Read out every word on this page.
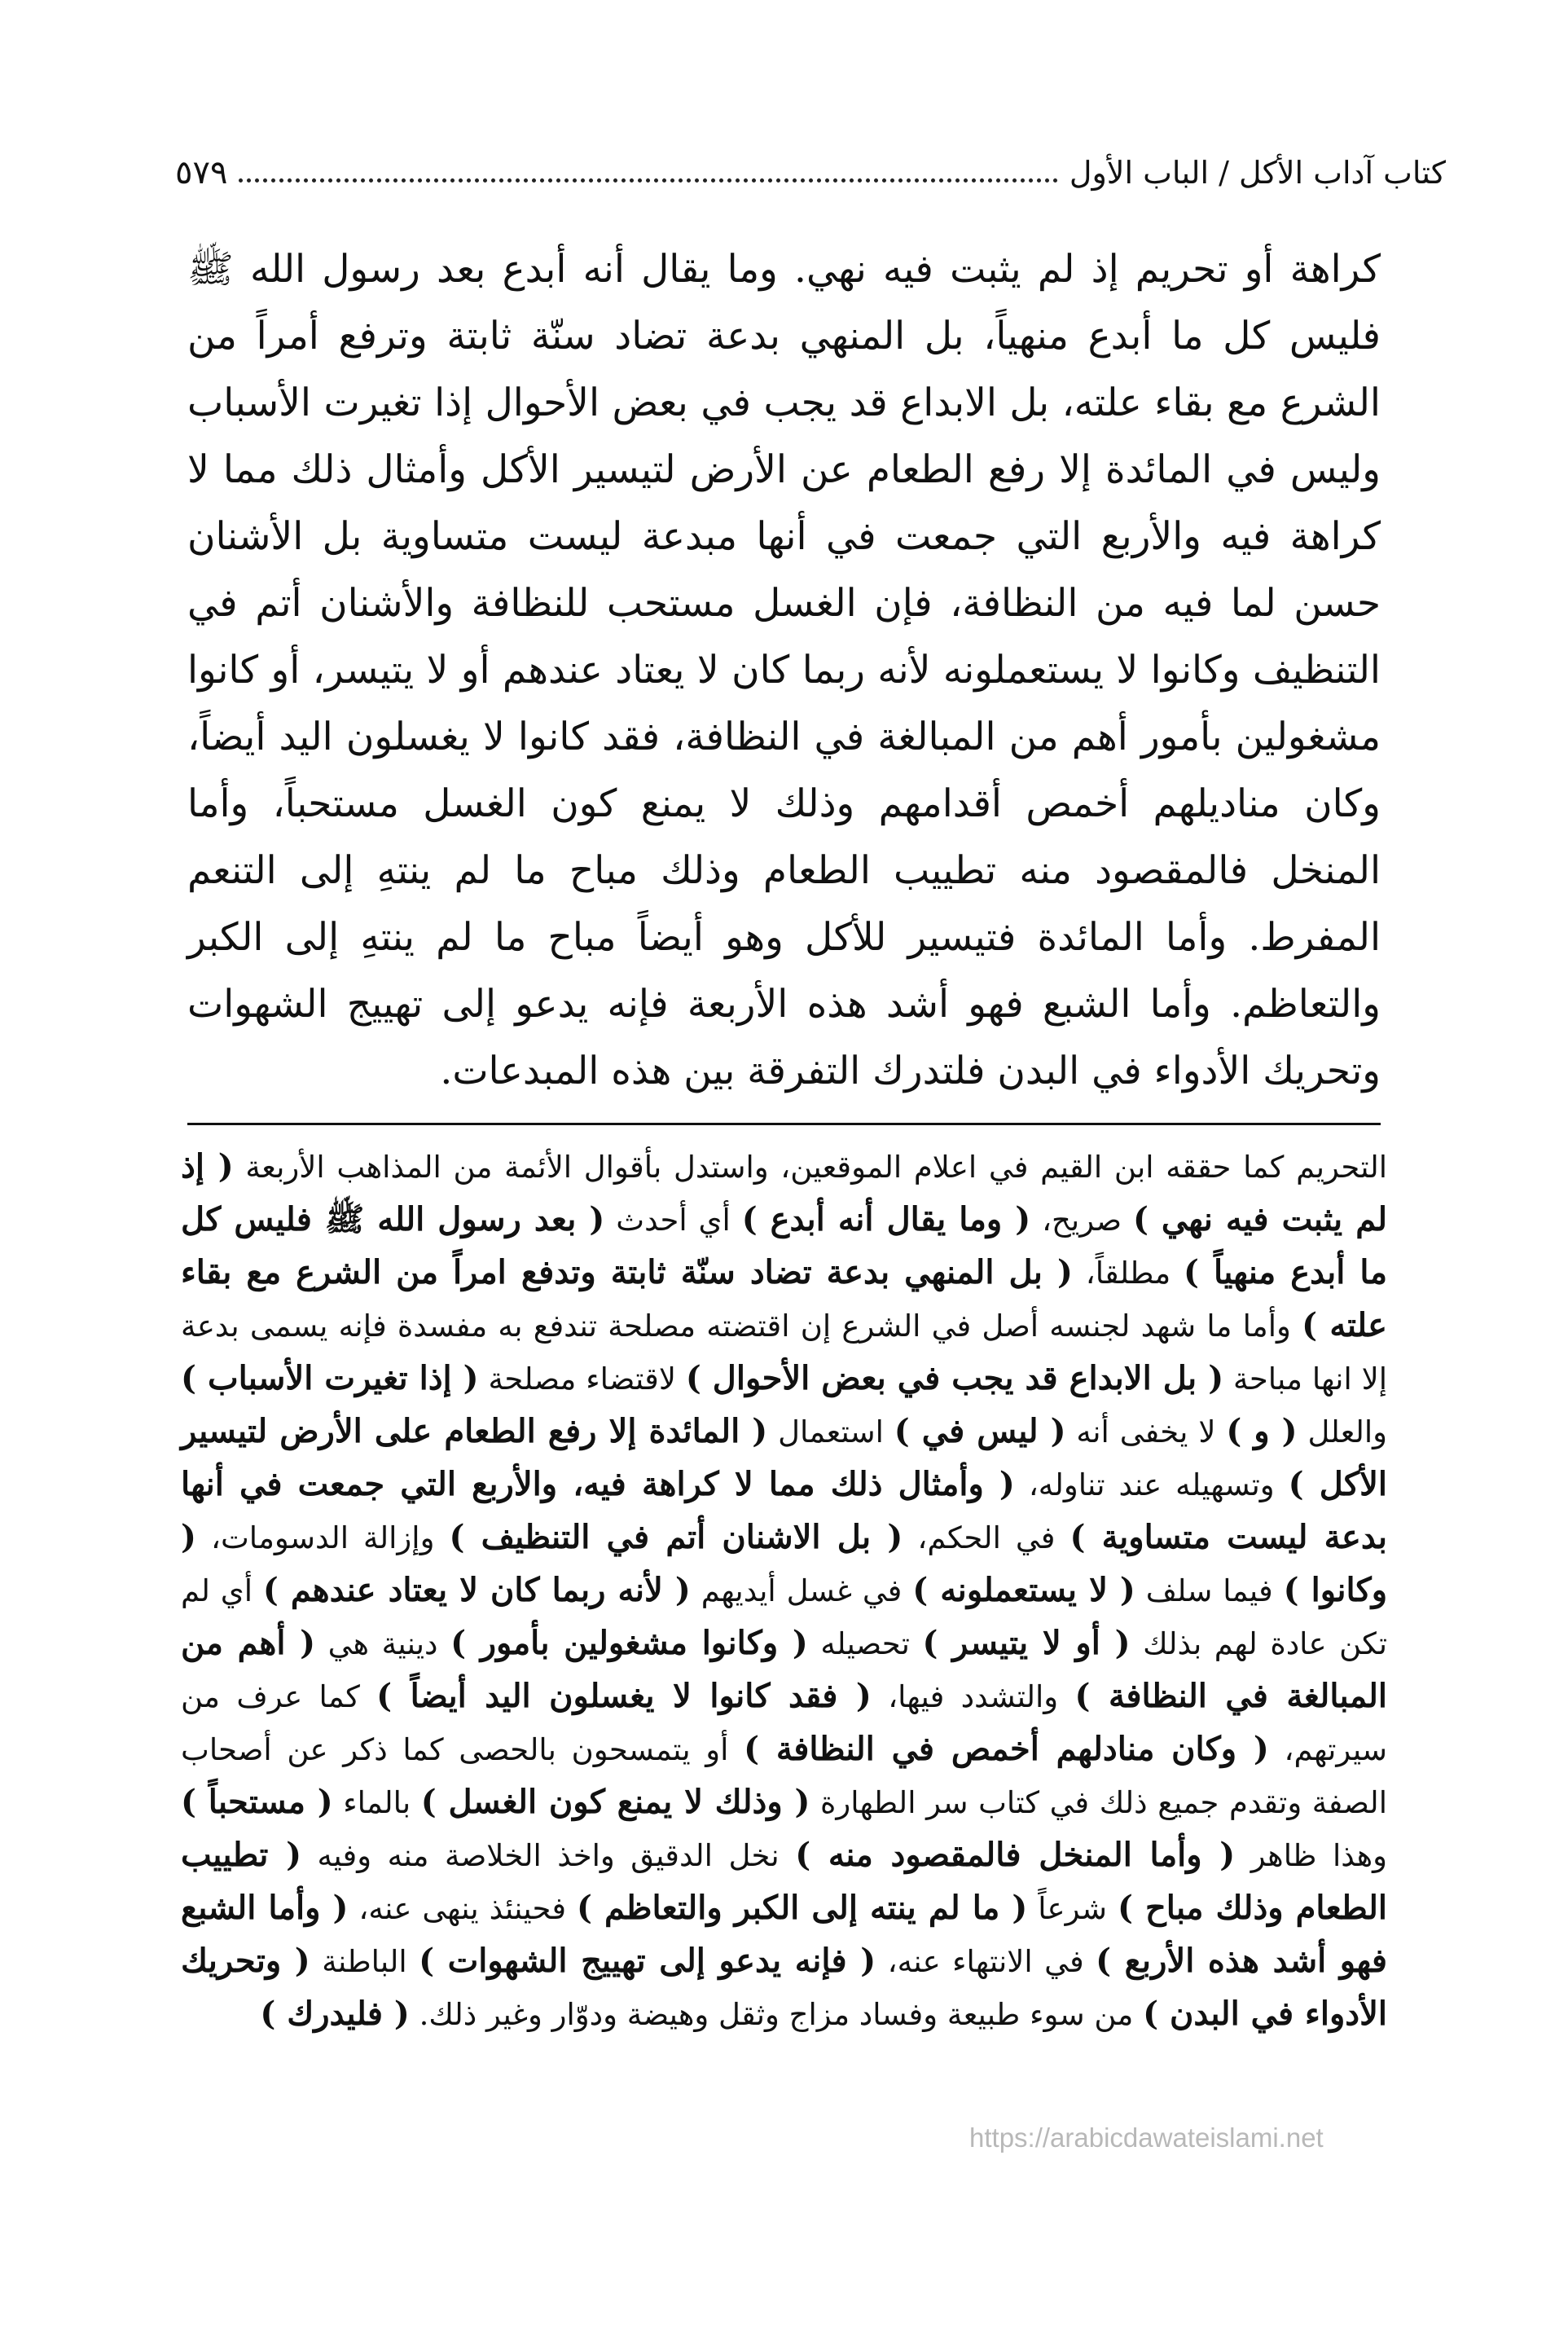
كتاب آداب الأكل / الباب الأول
٥٧٩

كراهة أو تحريم إذ لم يثبت فيه نهي. وما يقال أنه أبدع بعد رسول الله ﷺ فليس كل ما أبدع منهياً، بل المنهي بدعة تضاد سنّة ثابتة وترفع أمراً من الشرع مع بقاء علته، بل الابداع قد يجب في بعض الأحوال إذا تغيرت الأسباب وليس في المائدة إلا رفع الطعام عن الأرض لتيسير الأكل وأمثال ذلك مما لا كراهة فيه والأربع التي جمعت في أنها مبدعة ليست متساوية بل الأشنان حسن لما فيه من النظافة، فإن الغسل مستحب للنظافة والأشنان أتم في التنظيف وكانوا لا يستعملونه لأنه ربما كان لا يعتاد عندهم أو لا يتيسر، أو كانوا مشغولين بأمور أهم من المبالغة في النظافة، فقد كانوا لا يغسلون اليد أيضاً، وكان مناديلهم أخمص أقدامهم وذلك لا يمنع كون الغسل مستحباً، وأما المنخل فالمقصود منه تطييب الطعام وذلك مباح ما لم ينتهِ إلى التنعم المفرط. وأما المائدة فتيسير للأكل وهو أيضاً مباح ما لم ينتهِ إلى الكبر والتعاظم. وأما الشبع فهو أشد هذه الأربعة فإنه يدعو إلى تهييج الشهوات وتحريك الأدواء في البدن فلتدرك التفرقة بين هذه المبدعات.

التحريم كما حققه ابن القيم في اعلام الموقعين، واستدل بأقوال الأئمة من المذاهب الأربعة ( إذ لم يثبت فيه نهي ) صريح، ( وما يقال أنه أبدع ) أي أحدث ( بعد رسول الله ﷺ فليس كل ما أبدع منهياً ) مطلقاً، ( بل المنهي بدعة تضاد سنّة ثابتة وتدفع امراً من الشرع مع بقاء علته ) وأما ما شهد لجنسه أصل في الشرع إن اقتضته مصلحة تندفع به مفسدة فإنه يسمى بدعة إلا انها مباحة ( بل الابداع قد يجب في بعض الأحوال ) لاقتضاء مصلحة ( إذا تغيرت الأسباب ) والعلل ( و ) لا يخفى أنه ( ليس في ) استعمال ( المائدة إلا رفع الطعام على الأرض لتيسير الأكل ) وتسهيله عند تناوله، ( وأمثال ذلك مما لا كراهة فيه، والأربع التي جمعت في أنها بدعة ليست متساوية ) في الحكم، ( بل الاشنان أتم في التنظيف ) وإزالة الدسومات، ( وكانوا ) فيما سلف ( لا يستعملونه ) في غسل أيديهم ( لأنه ربما كان لا يعتاد عندهم ) أي لم تكن عادة لهم بذلك ( أو لا يتيسر ) تحصيله ( وكانوا مشغولين بأمور ) دينية هي ( أهم من المبالغة في النظافة ) والتشدد فيها، ( فقد كانوا لا يغسلون اليد أيضاً ) كما عرف من سيرتهم، ( وكان منادلهم أخمص في النظافة ) أو يتمسحون بالحصى كما ذكر عن أصحاب الصفة وتقدم جميع ذلك في كتاب سر الطهارة ( وذلك لا يمنع كون الغسل ) بالماء ( مستحباً ) وهذا ظاهر ( وأما المنخل فالمقصود منه ) نخل الدقيق واخذ الخلاصة منه وفيه ( تطييب الطعام وذلك مباح ) شرعاً ( ما لم ينته إلى الكبر والتعاظم ) فحينئذ ينهى عنه، ( وأما الشبع فهو أشد هذه الأربع ) في الانتهاء عنه، ( فإنه يدعو إلى تهييج الشهوات ) الباطنة ( وتحريك الأدواء في البدن ) من سوء طبيعة وفساد مزاج وثقل وهيضة ودوّار وغير ذلك. ( فليدرك )

https://arabicdawateislami.net
